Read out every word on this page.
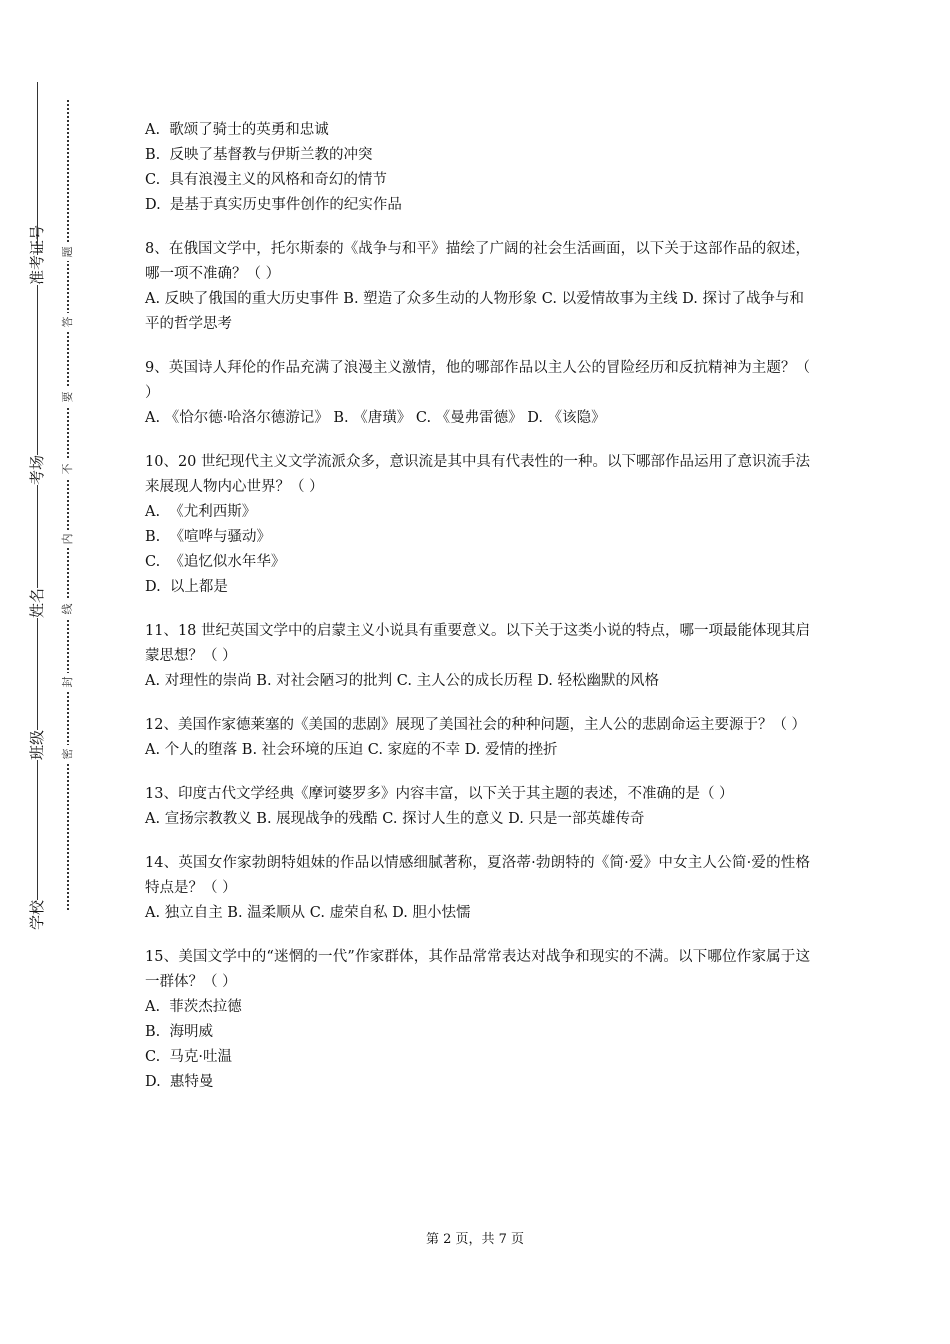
准考证号
考场
姓名
班级
学校
题
答
要
不
内
线
封
密

A.  歌颂了骑士的英勇和忠诚

B.  反映了基督教与伊斯兰教的冲突

C.  具有浪漫主义的风格和奇幻的情节

D.  是基于真实历史事件创作的纪实作品

8、在俄国文学中，托尔斯泰的《战争与和平》描绘了广阔的社会生活画面，以下关于这部作品的叙述，哪一项不准确？（ ）

A. 反映了俄国的重大历史事件 B. 塑造了众多生动的人物形象 C. 以爱情故事为主线 D. 探讨了战争与和平的哲学思考

9、英国诗人拜伦的作品充满了浪漫主义激情，他的哪部作品以主人公的冒险经历和反抗精神为主题？（ ）

A. 《恰尔德·哈洛尔德游记》 B. 《唐璜》 C. 《曼弗雷德》 D. 《该隐》

10、20 世纪现代主义文学流派众多，意识流是其中具有代表性的一种。以下哪部作品运用了意识流手法来展现人物内心世界？（ ）

A.  《尤利西斯》

B.  《喧哗与骚动》

C.  《追忆似水年华》

D.  以上都是

11、18 世纪英国文学中的启蒙主义小说具有重要意义。以下关于这类小说的特点，哪一项最能体现其启蒙思想？（ ）

A. 对理性的崇尚 B. 对社会陋习的批判 C. 主人公的成长历程 D. 轻松幽默的风格

12、美国作家德莱塞的《美国的悲剧》展现了美国社会的种种问题，主人公的悲剧命运主要源于？（ ）

A. 个人的堕落 B. 社会环境的压迫 C. 家庭的不幸 D. 爱情的挫折

13、印度古代文学经典《摩诃婆罗多》内容丰富，以下关于其主题的表述，不准确的是（ ）

A. 宣扬宗教教义 B. 展现战争的残酷 C. 探讨人生的意义 D. 只是一部英雄传奇

14、英国女作家勃朗特姐妹的作品以情感细腻著称，夏洛蒂·勃朗特的《简·爱》中女主人公简·爱的性格特点是？（ ）

A. 独立自主 B. 温柔顺从 C. 虚荣自私 D. 胆小怯懦

15、美国文学中的“迷惘的一代”作家群体，其作品常常表达对战争和现实的不满。以下哪位作家属于这一群体？（ ）

A.  菲茨杰拉德

B.  海明威

C.  马克·吐温

D.  惠特曼

第 2 页，共 7 页
